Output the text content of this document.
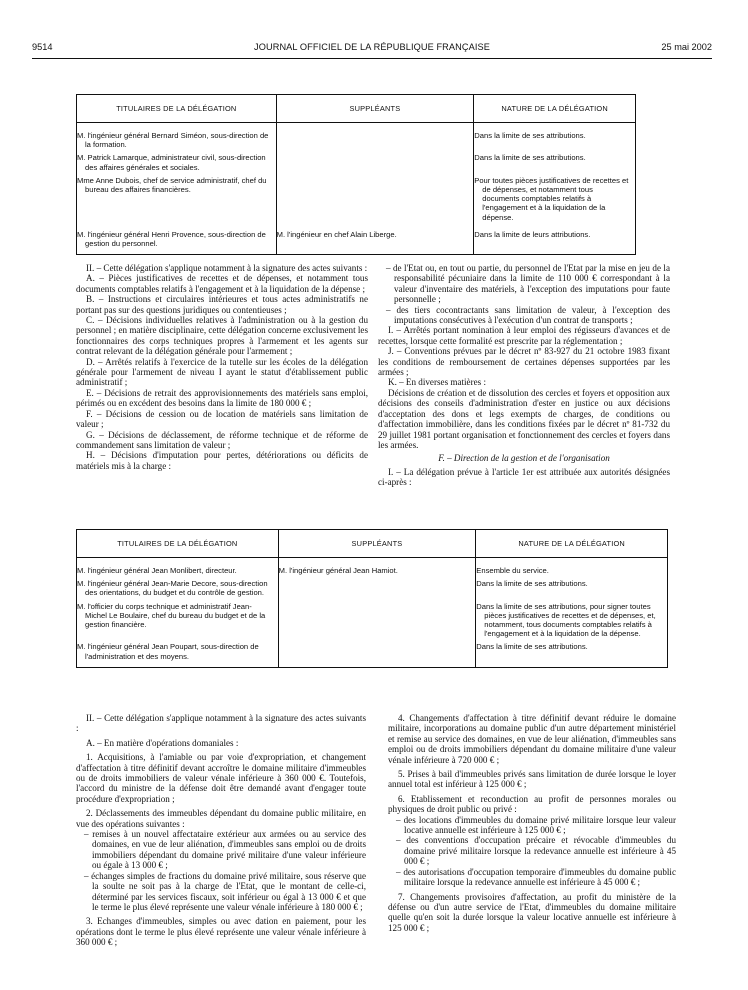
9514	JOURNAL OFFICIEL DE LA RÉPUBLIQUE FRANÇAISE	25 mai 2002
TITULAIRES DE LA DÉLÉGATION	SUPPLÉANTS	NATURE DE LA DÉLÉGATION
M. l'ingénieur général Bernard Siméon, sous-direction de la formation.		Dans la limite de ses attributions.
M. Patrick Lamarque, administrateur civil, sous-direction des affaires générales et sociales.		Dans la limite de ses attributions.
Mme Anne Dubois, chef de service administratif, chef du bureau des affaires financières.		Pour toutes pièces justificatives de recettes et de dépenses, et notamment tous documents comptables relatifs à l'engagement et à la liquidation de la dépense.
M. l'ingénieur général Henri Provence, sous-direction de gestion du personnel.	M. l'ingénieur en chef Alain Liberge.	Dans la limite de leurs attributions.

II. – Cette délégation s'applique notamment à la signature des actes suivants :

A. – Pièces justificatives de recettes et de dépenses, et notamment tous documents comptables relatifs à l'engagement et à la liquidation de la dépense ;

B. – Instructions et circulaires intérieures et tous actes administratifs ne portant pas sur des questions juridiques ou contentieuses ;

C. – Décisions individuelles relatives à l'administration ou à la gestion du personnel ; en matière disciplinaire, cette délégation concerne exclusivement les fonctionnaires des corps techniques propres à l'armement et les agents sur contrat relevant de la délégation générale pour l'armement ;

D. – Arrêtés relatifs à l'exercice de la tutelle sur les écoles de la délégation générale pour l'armement de niveau I ayant le statut d'établissement public administratif ;

E. – Décisions de retrait des approvisionnements des matériels sans emploi, périmés ou en excédent des besoins dans la limite de 180 000 € ;

F. – Décisions de cession ou de location de matériels sans limitation de valeur ;

G. – Décisions de déclassement, de réforme technique et de réforme de commandement sans limitation de valeur ;

H. – Décisions d'imputation pour pertes, détériorations ou déficits de matériels mis à la charge :

– de l'Etat ou, en tout ou partie, du personnel de l'Etat par la mise en jeu de la responsabilité pécuniaire dans la limite de 110 000 € correspondant à la valeur d'inventaire des matériels, à l'exception des imputations pour faute personnelle ;

– des tiers cocontractants sans limitation de valeur, à l'exception des imputations consécutives à l'exécution d'un contrat de transports ;

I. – Arrêtés portant nomination à leur emploi des régisseurs d'avances et de recettes, lorsque cette formalité est prescrite par la réglementation ;

J. – Conventions prévues par le décret nº 83-927 du 21 octobre 1983 fixant les conditions de remboursement de certaines dépenses supportées par les armées ;

K. – En diverses matières :

Décisions de création et de dissolution des cercles et foyers et opposition aux décisions des conseils d'administration d'ester en justice ou aux décisions d'acceptation des dons et legs exempts de charges, de conditions ou d'affectation immobilière, dans les conditions fixées par le décret nº 81-732 du 29 juillet 1981 portant organisation et fonctionnement des cercles et foyers dans les armées.

F. – Direction de la gestion et de l'organisation

I. – La délégation prévue à l'article 1er est attribuée aux autorités désignées ci-après :

TITULAIRES DE LA DÉLÉGATION	SUPPLÉANTS	NATURE DE LA DÉLÉGATION
M. l'ingénieur général Jean Monlibert, directeur.	M. l'ingénieur général Jean Hamiot.	Ensemble du service.
M. l'ingénieur général Jean-Marie Decore, sous-direction des orientations, du budget et du contrôle de gestion.		Dans la limite de ses attributions.
M. l'officier du corps technique et administratif Jean-Michel Le Boulaire, chef du bureau du budget et de la gestion financière.		Dans la limite de ses attributions, pour signer toutes pièces justificatives de recettes et de dépenses, et, notamment, tous documents comptables relatifs à l'engagement et à la liquidation de la dépense.
M. l'ingénieur général Jean Poupart, sous-direction de l'administration et des moyens.		Dans la limite de ses attributions.

II. – Cette délégation s'applique notamment à la signature des actes suivants :

A. – En matière d'opérations domaniales :

1. Acquisitions, à l'amiable ou par voie d'expropriation, et changement d'affectation à titre définitif devant accroître le domaine militaire d'immeubles ou de droits immobiliers de valeur vénale inférieure à 360 000 €. Toutefois, l'accord du ministre de la défense doit être demandé avant d'engager toute procédure d'expropriation ;

2. Déclassements des immeubles dépendant du domaine public militaire, en vue des opérations suivantes :

– remises à un nouvel affectataire extérieur aux armées ou au service des domaines, en vue de leur aliénation, d'immeubles sans emploi ou de droits immobiliers dépendant du domaine privé militaire d'une valeur inférieure ou égale à 13 000 € ;

– échanges simples de fractions du domaine privé militaire, sous réserve que la soulte ne soit pas à la charge de l'Etat, que le montant de celle-ci, déterminé par les services fiscaux, soit inférieur ou égal à 13 000 € et que le terme le plus élevé représente une valeur vénale inférieure à 180 000 € ;

3. Echanges d'immeubles, simples ou avec dation en paiement, pour les opérations dont le terme le plus élevé représente une valeur vénale inférieure à 360 000 € ;

4. Changements d'affectation à titre définitif devant réduire le domaine militaire, incorporations au domaine public d'un autre département ministériel et remise au service des domaines, en vue de leur aliénation, d'immeubles sans emploi ou de droits immobiliers dépendant du domaine militaire d'une valeur vénale inférieure à 720 000 € ;

5. Prises à bail d'immeubles privés sans limitation de durée lorsque le loyer annuel total est inférieur à 125 000 € ;

6. Etablissement et reconduction au profit de personnes morales ou physiques de droit public ou privé :

– des locations d'immeubles du domaine privé militaire lorsque leur valeur locative annuelle est inférieure à 125 000 € ;

– des conventions d'occupation précaire et révocable d'immeubles du domaine privé militaire lorsque la redevance annuelle est inférieure à 45 000 € ;

– des autorisations d'occupation temporaire d'immeubles du domaine public militaire lorsque la redevance annuelle est inférieure à 45 000 € ;

7. Changements provisoires d'affectation, au profit du ministère de la défense ou d'un autre service de l'Etat, d'immeubles du domaine militaire quelle qu'en soit la durée lorsque la valeur locative annuelle est inférieure à 125 000 € ;
